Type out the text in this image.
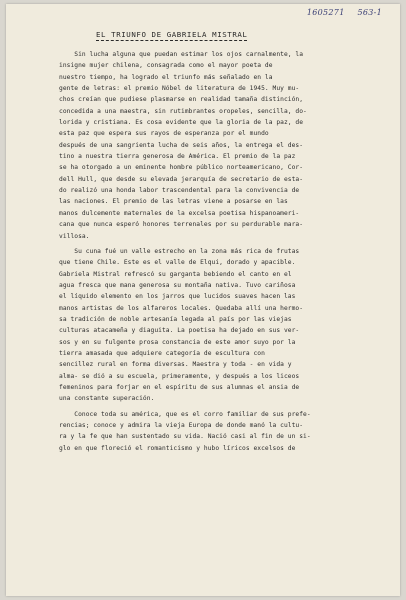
1605271 563-1
EL TRIUNFO DE GABRIELA MISTRAL
Sin lucha alguna que puedan estimar los ojos carnalmente, la
insigne mujer chilena, consagrada como el mayor poeta de
nuestro tiempo, ha logrado el triunfo más señalado en la
gente de letras: el premio Nóbel de literatura de 1945. Muy mu-
chos creían que pudiese plasmarse en realidad tamaña distinción,
concedida a una maestra, sin rutimbrantes oropeles, sencilla, do-
lorida y cristiana. Es cosa evidente que la gloria de la paz, de
esta paz que espera sus rayos de esperanza por el mundo
después de una sangrienta lucha de seis años, la entrega el des-
tino a nuestra tierra generosa de América. El premio de la paz
se ha otorgado a un eminente hombre público norteamericano, Cor-
dell Hull, que desde su elevada jerarquía de secretario de esta-
do realizó una honda labor trascendental para la convivencia de
las naciones. El premio de las letras viene a posarse en las
manos dulcemente maternales de la excelsa poetisa hispanoameri-
cana que nunca esperó honores terrenales por su perdurable mara-
villosa.
Su cuna fué un valle estrecho en la zona más rica de frutas
que tiene Chile. Este es el valle de Elqui, dorado y apacible.
Gabriela Mistral refrescó su garganta bebiendo el canto en el
agua fresca que mana generosa su montaña nativa. Tuvo cariñosa
el líquido elemento en los jarros que lucidos suaves hacen las
manos artistas de los alfareros locales. Quedaba allí una hermo-
sa tradición de noble artesanía legada al país por las viejas
culturas atacameña y diaguita. La poetisa ha dejado en sus ver-
sos y en su fulgente prosa constancia de este amor suyo por la
tierra amasada que adquiere categoría de escultura con
sencillez rural en forma diversas. Maestra y toda - en vida y
alma- se dió a su escuela, primeramente, y después a los liceos
femeninos para forjar en el espíritu de sus alumnas el ansia de
una constante superación.
Conoce toda su américa, que es el corro familiar de sus prefe-
rencias; conoce y admira la vieja Europa de donde manó la cultu-
ra y la fe que han sustentado su vida. Nació casi al fin de un si-
glo en que floreció el romanticismo y hubo líricos excelsos de
